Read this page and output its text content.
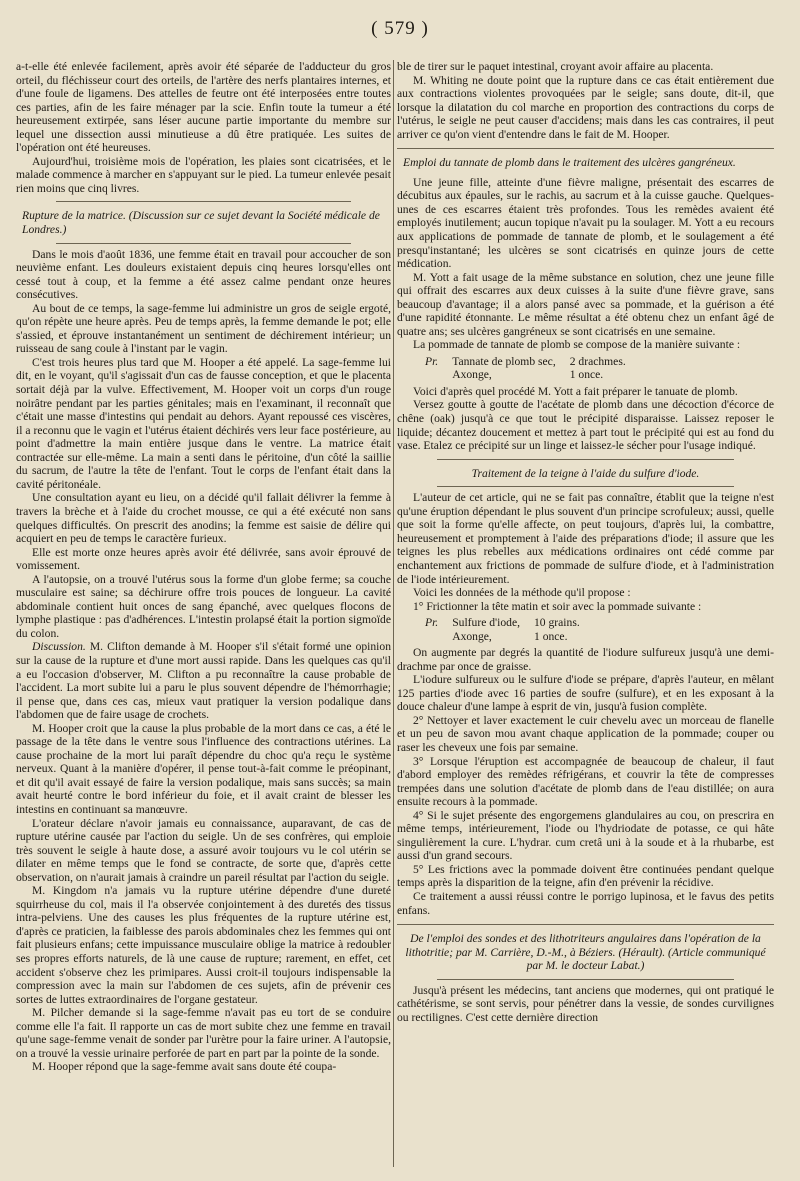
( 579 )

a-t-elle été enlevée facilement, après avoir été séparée de l'adducteur du gros orteil, du fléchisseur court des orteils, de l'artère des nerfs plantaires internes, et d'une foule de ligamens. Des attelles de feutre ont été interposées entre toutes ces parties, afin de les faire ménager par la scie. Enfin toute la tumeur a été heureusement extirpée, sans léser aucune partie importante du membre sur lequel une dissection aussi minutieuse a dû être pratiquée. Les suites de l'opération ont été heureuses.

Aujourd'hui, troisième mois de l'opération, les plaies sont cicatrisées, et le malade commence à marcher en s'appuyant sur le pied. La tumeur enlevée pesait rien moins que cinq livres.

Rupture de la matrice. (Discussion sur ce sujet devant la Société médicale de Londres.)

Dans le mois d'août 1836, une femme était en travail pour accoucher de son neuvième enfant. Les douleurs existaient depuis cinq heures lorsqu'elles ont cessé tout à coup, et la femme a été assez calme pendant onze heures consécutives.

Au bout de ce temps, la sage-femme lui administre un gros de seigle ergoté, qu'on répète une heure après. Peu de temps après, la femme demande le pot; elle s'assied, et éprouve instantanément un sentiment de déchirement intérieur; un ruisseau de sang coule à l'instant par le vagin.

C'est trois heures plus tard que M. Hooper a été appelé. La sage-femme lui dit, en le voyant, qu'il s'agissait d'un cas de fausse conception, et que le placenta sortait déjà par la vulve. Effectivement, M. Hooper voit un corps d'un rouge noirâtre pendant par les parties génitales; mais en l'examinant, il reconnaît que c'était une masse d'intestins qui pendait au dehors. Ayant repoussé ces viscères, il a reconnu que le vagin et l'utérus étaient déchirés vers leur face postérieure, au point d'admettre la main entière jusque dans le ventre. La matrice était contractée sur elle-même. La main a senti dans le péritoine, d'un côté la saillie du sacrum, de l'autre la tête de l'enfant. Tout le corps de l'enfant était dans la cavité péritonéale.

Une consultation ayant eu lieu, on a décidé qu'il fallait délivrer la femme à travers la brèche et à l'aide du crochet mousse, ce qui a été exécuté non sans quelques difficultés. On prescrit des anodins; la femme est saisie de délire qui acquiert en peu de temps le caractère furieux.

Elle est morte onze heures après avoir été délivrée, sans avoir éprouvé de vomissement.

A l'autopsie, on a trouvé l'utérus sous la forme d'un globe ferme; sa couche musculaire est saine; sa déchirure offre trois pouces de longueur. La cavité abdominale contient huit onces de sang épanché, avec quelques flocons de lymphe plastique : pas d'adhérences. L'intestin prolapsé était la portion sigmoïde du colon.

Discussion. M. Clifton demande à M. Hooper s'il s'était formé une opinion sur la cause de la rupture et d'une mort aussi rapide. Dans les quelques cas qu'il a eu l'occasion d'observer, M. Clifton a pu reconnaître la cause probable de l'accident. La mort subite lui a paru le plus souvent dépendre de l'hémorrhagie; il pense que, dans ces cas, mieux vaut pratiquer la version podalique dans l'abdomen que de faire usage de crochets.

M. Hooper croit que la cause la plus probable de la mort dans ce cas, a été le passage de la tête dans le ventre sous l'influence des contractions utérines. La cause prochaine de la mort lui paraît dépendre du choc qu'a reçu le système nerveux. Quant à la manière d'opérer, il pense tout-à-fait comme le préopinant, et dit qu'il avait essayé de faire la version podalique, mais sans succès; sa main avait heurté contre le bord inférieur du foie, et il avait craint de blesser les intestins en continuant sa manœuvre.

L'orateur déclare n'avoir jamais eu connaissance, auparavant, de cas de rupture utérine causée par l'action du seigle. Un de ses confrères, qui emploie très souvent le seigle à haute dose, a assuré avoir toujours vu le col utérin se dilater en même temps que le fond se contracte, de sorte que, d'après cette observation, on n'aurait jamais à craindre un pareil résultat par l'action du seigle.

M. Kingdom n'a jamais vu la rupture utérine dépendre d'une dureté squirrheuse du col, mais il l'a observée conjointement à des duretés des tissus intra-pelviens. Une des causes les plus fréquentes de la rupture utérine est, d'après ce praticien, la faiblesse des parois abdominales chez les femmes qui ont fait plusieurs enfans; cette impuissance musculaire oblige la matrice à redoubler ses propres efforts naturels, de là une cause de rupture; rarement, en effet, cet accident s'observe chez les primipares. Aussi croit-il toujours indispensable la compression avec la main sur l'abdomen de ces sujets, afin de prévenir ces sortes de luttes extraordinaires de l'organe gestateur.

M. Pilcher demande si la sage-femme n'avait pas eu tort de se conduire comme elle l'a fait. Il rapporte un cas de mort subite chez une femme en travail qu'une sage-femme venait de sonder par l'urètre pour la faire uriner. A l'autopsie, on a trouvé la vessie urinaire perforée de part en part par la pointe de la sonde.

M. Hooper répond que la sage-femme avait sans doute été coupa-

ble de tirer sur le paquet intestinal, croyant avoir affaire au placenta.

M. Whiting ne doute point que la rupture dans ce cas était entièrement due aux contractions violentes provoquées par le seigle; sans doute, dit-il, que lorsque la dilatation du col marche en proportion des contractions du corps de l'utérus, le seigle ne peut causer d'accidens; mais dans les cas contraires, il peut arriver ce qu'on vient d'entendre dans le fait de M. Hooper.

Emploi du tannate de plomb dans le traitement des ulcères gangréneux.

Une jeune fille, atteinte d'une fièvre maligne, présentait des escarres de décubitus aux épaules, sur le rachis, au sacrum et à la cuisse gauche. Quelques-unes de ces escarres étaient très profondes. Tous les remèdes avaient été employés inutilement; aucun topique n'avait pu la soulager. M. Yott a eu recours aux applications de pommade de tannate de plomb, et le soulagement a été presqu'instantané; les ulcères se sont cicatrisés en quinze jours de cette médication.

M. Yott a fait usage de la même substance en solution, chez une jeune fille qui offrait des escarres aux deux cuisses à la suite d'une fièvre grave, sans beaucoup d'avantage; il a alors pansé avec sa pommade, et la guérison a été d'une rapidité étonnante. Le même résultat a été obtenu chez un enfant âgé de quatre ans; ses ulcères gangréneux se sont cicatrisés en une semaine.

La pommade de tannate de plomb se compose de la manière suivante :

Pr.	Tannate de plomb sec,	2 drachmes.
	Axonge,	1 once.

Voici d'après quel procédé M. Yott a fait préparer le tanuate de plomb.

Versez goutte à goutte de l'acétate de plomb dans une décoction d'écorce de chêne (oak) jusqu'à ce que tout le précipité disparaisse. Laissez reposer le liquide; décantez doucement et mettez à part tout le précipité qui est au fond du vase. Etalez ce précipité sur un linge et laissez-le sécher pour l'usage indiqué.

Traitement de la teigne à l'aide du sulfure d'iode.

L'auteur de cet article, qui ne se fait pas connaître, établit que la teigne n'est qu'une éruption dépendant le plus souvent d'un principe scrofuleux; aussi, quelle que soit la forme qu'elle affecte, on peut toujours, d'après lui, la combattre, heureusement et promptement à l'aide des préparations d'iode; il assure que les teignes les plus rebelles aux médications ordinaires ont cédé comme par enchantement aux frictions de pommade de sulfure d'iode, et à l'administration de l'iode intérieurement.

Voici les données de la méthode qu'il propose :

1° Frictionner la tête matin et soir avec la pommade suivante :

Pr.	Sulfure d'iode,	10 grains.
	Axonge,	1 once.

On augmente par degrés la quantité de l'iodure sulfureux jusqu'à une demi-drachme par once de graisse.

L'iodure sulfureux ou le sulfure d'iode se prépare, d'après l'auteur, en mêlant 125 parties d'iode avec 16 parties de soufre (sulfure), et en les exposant à la douce chaleur d'une lampe à esprit de vin, jusqu'à fusion complète.

2° Nettoyer et laver exactement le cuir chevelu avec un morceau de flanelle et un peu de savon mou avant chaque application de la pommade; couper ou raser les cheveux une fois par semaine.

3° Lorsque l'éruption est accompagnée de beaucoup de chaleur, il faut d'abord employer des remèdes réfrigérans, et couvrir la tête de compresses trempées dans une solution d'acétate de plomb dans de l'eau distillée; on aura ensuite recours à la pommade.

4° Si le sujet présente des engorgemens glandulaires au cou, on prescrira en même temps, intérieurement, l'iode ou l'hydriodate de potasse, ce qui hâte singulièrement la cure. L'hydrar. cum cretâ uni à la soude et à la rhubarbe, est aussi d'un grand secours.

5° Les frictions avec la pommade doivent être continuées pendant quelque temps après la disparition de la teigne, afin d'en prévenir la récidive.

Ce traitement a aussi réussi contre le porrigo lupinosa, et le favus des petits enfans.

De l'emploi des sondes et des lithotriteurs angulaires dans l'opération de la lithotritie; par M. Carrière, D.-M., à Béziers. (Hérault). (Article communiqué par M. le docteur Labat.)

Jusqu'à présent les médecins, tant anciens que modernes, qui ont pratiqué le cathétérisme, se sont servis, pour pénétrer dans la vessie, de sondes curvilignes ou rectilignes. C'est cette dernière direction
